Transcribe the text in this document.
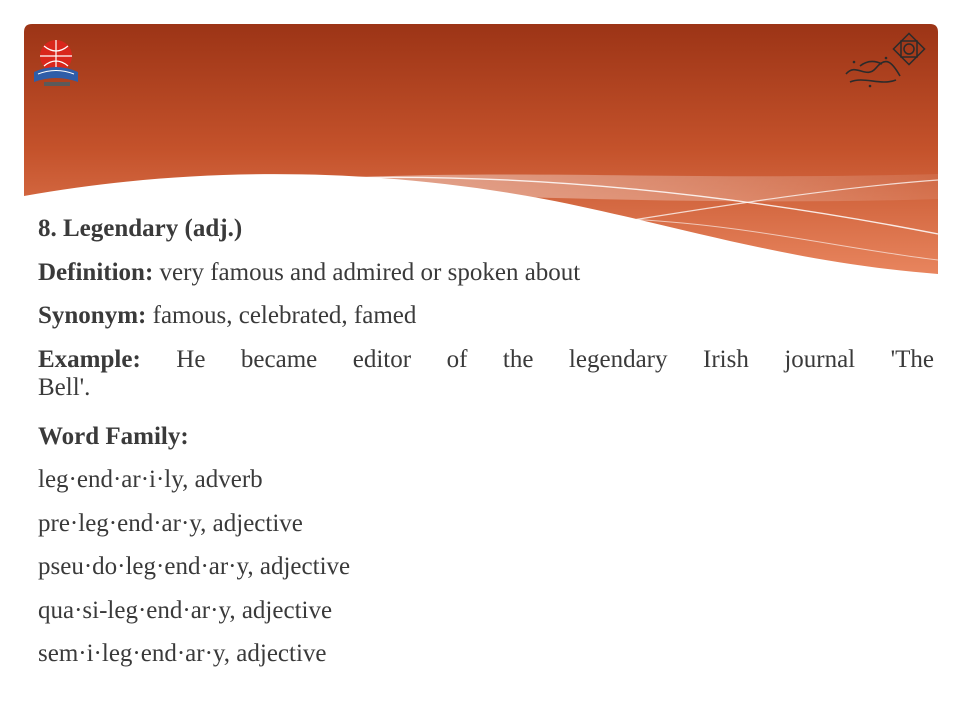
8. Legendary (adj.)
Definition: very famous and admired or spoken about
Synonym: famous, celebrated, famed
Example: He became editor of the legendary Irish journal 'The
Bell'.
Word Family:
leg·end·ar·i·ly, adverb
pre·leg·end·ar·y, adjective
pseu·do·leg·end·ar·y, adjective
qua·si-leg·end·ar·y, adjective
sem·i·leg·end·ar·y, adjective
